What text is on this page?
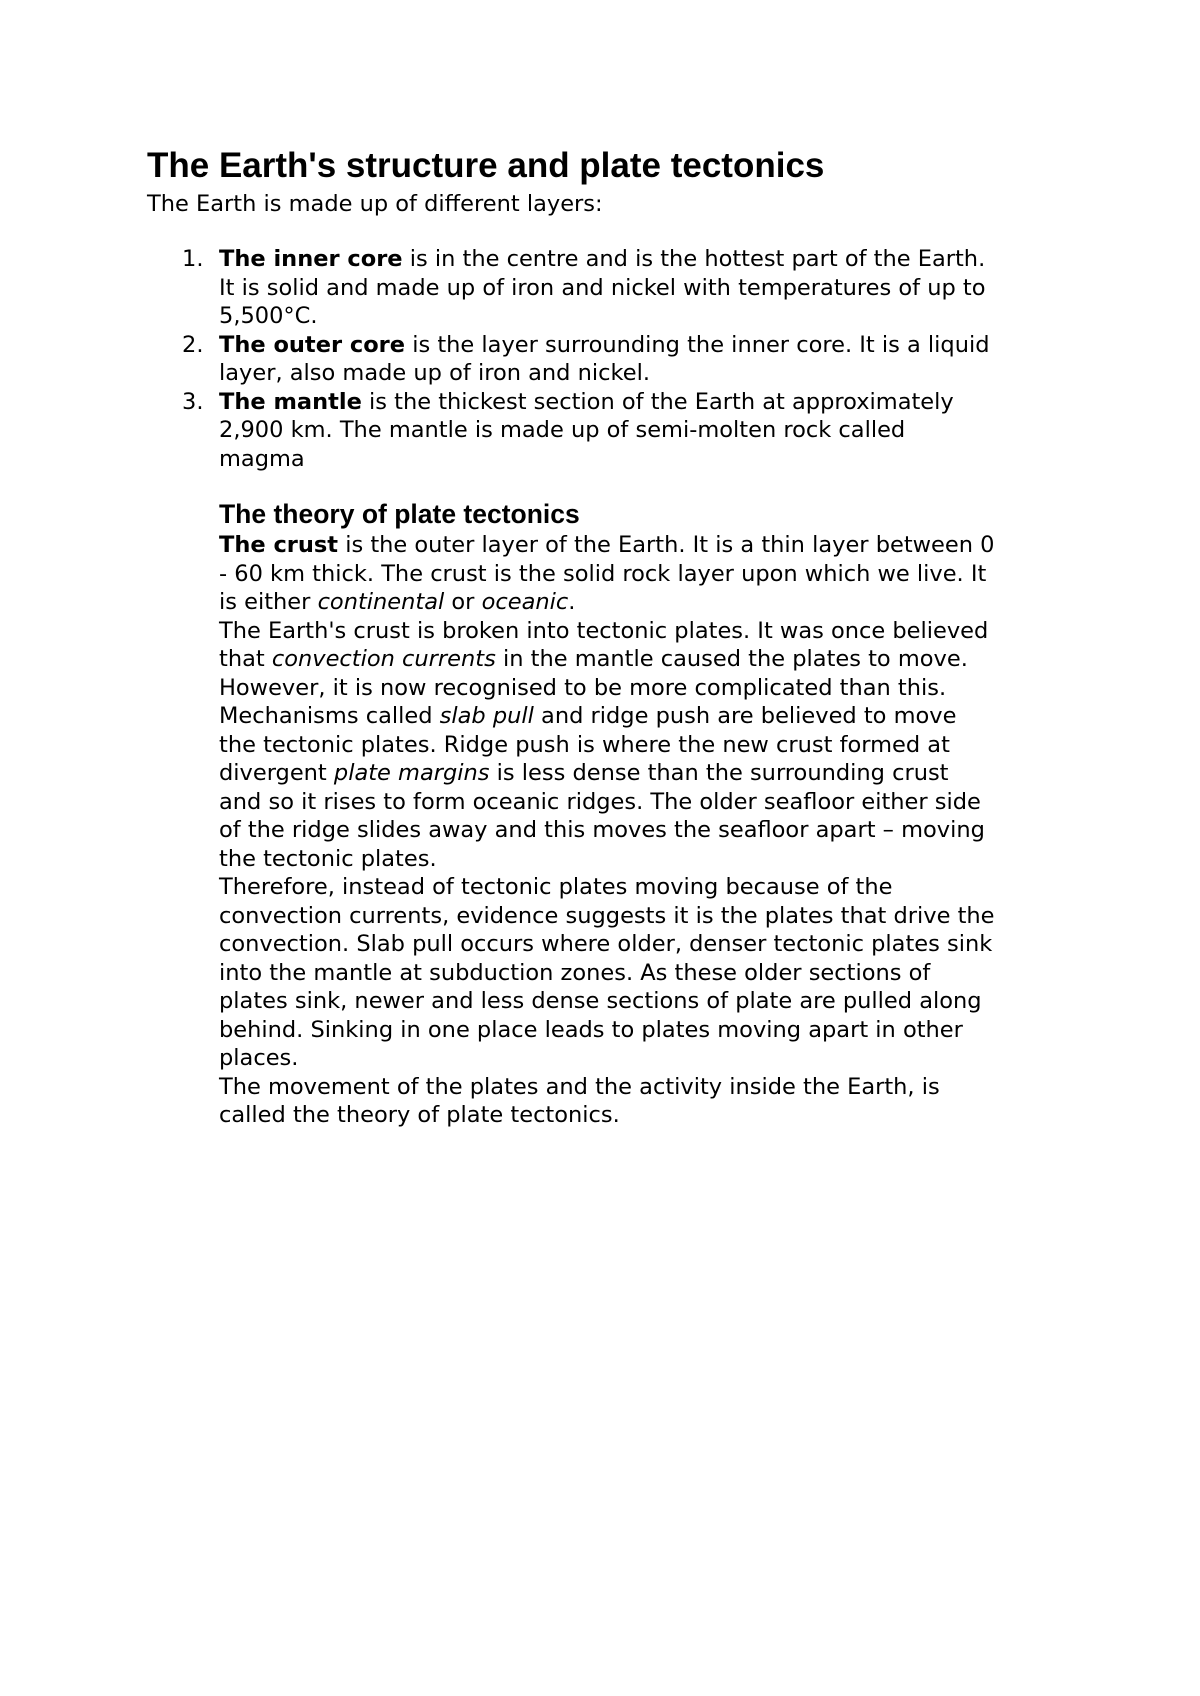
The Earth's structure and plate tectonics

The Earth is made up of different layers:

1. The inner core is in the centre and is the hottest part of the Earth.
It is solid and made up of iron and nickel with temperatures of up to
5,500°C.
2. The outer core is the layer surrounding the inner core. It is a liquid
layer, also made up of iron and nickel.
3. The mantle is the thickest section of the Earth at approximately
2,900 km. The mantle is made up of semi-molten rock called
magma
The theory of plate tectonics

The crust is the outer layer of the Earth. It is a thin layer between 0
- 60 km thick. The crust is the solid rock layer upon which we live. It
is either continental or oceanic.

The Earth's crust is broken into tectonic plates. It was once believed
that convection currents in the mantle caused the plates to move.
However, it is now recognised to be more complicated than this.
Mechanisms called slab pull and ridge push are believed to move
the tectonic plates. Ridge push is where the new crust formed at
divergent plate margins is less dense than the surrounding crust
and so it rises to form oceanic ridges. The older seafloor either side
of the ridge slides away and this moves the seafloor apart – moving
the tectonic plates.

Therefore, instead of tectonic plates moving because of the
convection currents, evidence suggests it is the plates that drive the
convection. Slab pull occurs where older, denser tectonic plates sink
into the mantle at subduction zones. As these older sections of
plates sink, newer and less dense sections of plate are pulled along
behind. Sinking in one place leads to plates moving apart in other
places.

The movement of the plates and the activity inside the Earth, is
called the theory of plate tectonics.
